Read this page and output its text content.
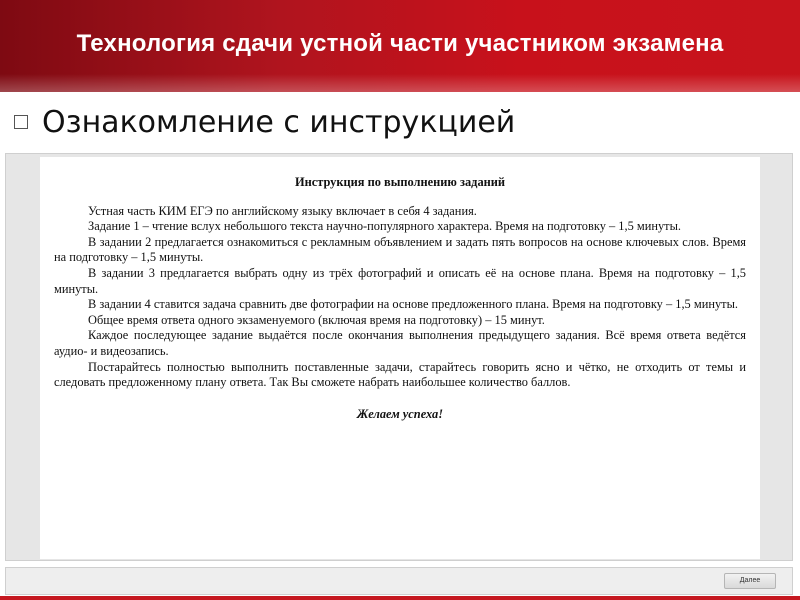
Технология сдачи устной части участником экзамена
Ознакомление с инструкцией
Инструкция по выполнению заданий

Устная часть КИМ ЕГЭ по английскому языку включает в себя 4 задания.

Задание 1 – чтение вслух небольшого текста научно-популярного характера. Время на подготовку – 1,5 минуты.

В задании 2 предлагается ознакомиться с рекламным объявлением и задать пять вопросов на основе ключевых слов. Время на подготовку – 1,5 минуты.

В задании 3 предлагается выбрать одну из трёх фотографий и описать её на основе плана. Время на подготовку – 1,5 минуты.

В задании 4 ставится задача сравнить две фотографии на основе предложенного плана. Время на подготовку – 1,5 минуты.

Общее время ответа одного экзаменуемого (включая время на подготовку) – 15 минут.

Каждое последующее задание выдаётся после окончания выполнения предыдущего задания. Всё время ответа ведётся аудио- и видеозапись.

Постарайтесь полностью выполнить поставленные задачи, старайтесь говорить ясно и чётко, не отходить от темы и следовать предложенному плану ответа. Так Вы сможете набрать наибольшее количество баллов.

Желаем успеха!
Далее
